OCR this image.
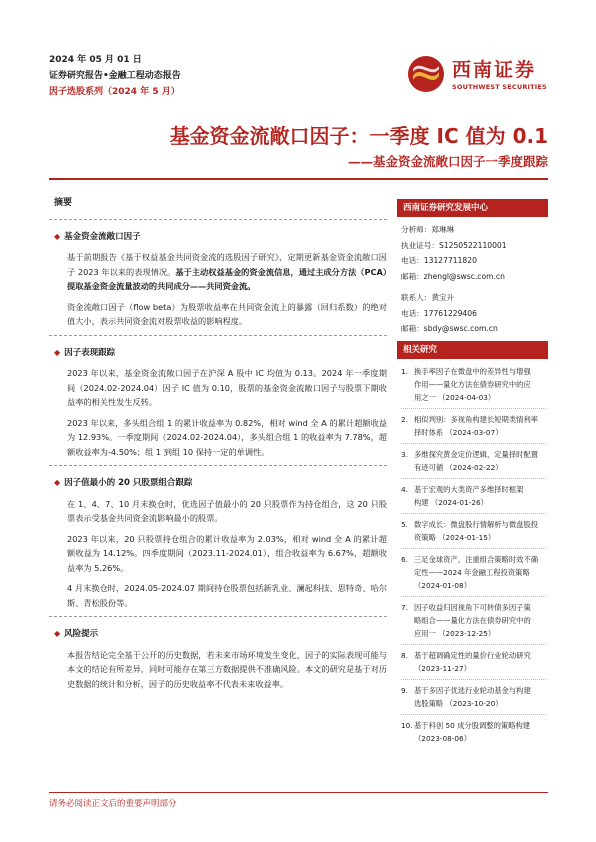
2024 年 05 月 01 日
证券研究报告•金融工程动态报告
因子选股系列（2024 年 5 月）
西南证券
SOUTHWEST SECURITIES
基金资金流敞口因子：一季度 IC 值为 0.1
——基金资金流敞口因子一季度跟踪
摘要
◆ 基金资金流敞口因子
基于前期报告《基于权益基金共同资金流的选股因子研究》，定期更新基金资金流敞口因子 2023 年以来的表现情况。基于主动权益基金的资金流信息，通过主成分方法（PCA）提取基金资金流量波动的共同成分——共同资金流。
资金流敞口因子（flow beta）为股票收益率在共同资金流上的暴露（回归系数）的绝对值大小，表示共同资金流对股票收益的影响程度。
◆ 因子表现跟踪
2023 年以来，基金资金流敞口因子在沪深 A 股中 IC 均值为 0.13。2024 年一季度期间（2024.02-2024.04）因子 IC 值为 0.10，股票的基金资金流敞口因子与股票下期收益率的相关性发生反转。
2023 年以来，多头组合组 1 的累计收益率为 0.82%，相对 wind 全 A 的累计超额收益为 12.93%。一季度期间（2024.02-2024.04），多头组合组 1 的收益率为 7.78%，超额收益率为-4.50%；组 1 到组 10 保持一定的单调性。
◆ 因子值最小的 20 只股票组合跟踪
在 1、4、7、10 月末换仓时，优选因子值最小的 20 只股票作为持仓组合，这 20 只股票表示受基金共同资金流影响最小的股票。
2023 年以来，20 只股票持仓组合的累计收益率为 2.03%，相对 wind 全 A 的累计超额收益为 14.12%。四季度期间（2023.11-2024.01），组合收益率为 6.67%，超额收益率为 5.26%。
4 月末换仓时，2024.05-2024.07 期间持仓股票包括新乳业、澜起科技、思特奇、哈尔斯、青松股份等。
◆ 风险提示
本报告结论完全基于公开的历史数据，若未来市场环境发生变化，因子的实际表现可能与本文的结论有所差异，同时可能存在第三方数据提供不准确风险。本文的研究是基于对历史数据的统计和分析，因子的历史收益率不代表未来收益率。
西南证券研究发展中心
分析师：郑琳琳
执业证号：S1250522110001
电话：13127711820
邮箱：zhengl@swsc.com.cn
联系人：黄宝升
电话：17761229406
邮箱：sbdy@swsc.com.cn
相关研究
1. 换手率因子在微盘中的差异性与增强
作用——量化方法在债券研究中的应
用之一 （2024-04-03）
2. 相似判别：多视角构建长短期类情利率
择时体系 （2024-03-07）
3. 多维探究黄金定价逻辑，定量择时配置
有迹可循 （2024-02-22）
4. 基于宏观的大类资产多维择时框架
构建 （2024-01-26）
5. 数字成长：微盘股行情解析与微盘股投
资策略 （2024-01-15）
6. 三足金球资产，注重组合策略时效不确
定性——2024 年金融工程投资策略
（2024-01-08）
7. 因子收益归因视角下可转债多因子策
略组合——量化方法在债券研究中的
应用一 （2023-12-25）
8. 基于超调确定性的量价行业轮动研究
（2023-11-27）
9. 基于多因子优选行业轮动基金与构建
选股策略 （2023-10-20）
10. 基于科创 50 成分股调整的策略构建
（2023-08-06）
请务必阅读正文后的重要声明部分
